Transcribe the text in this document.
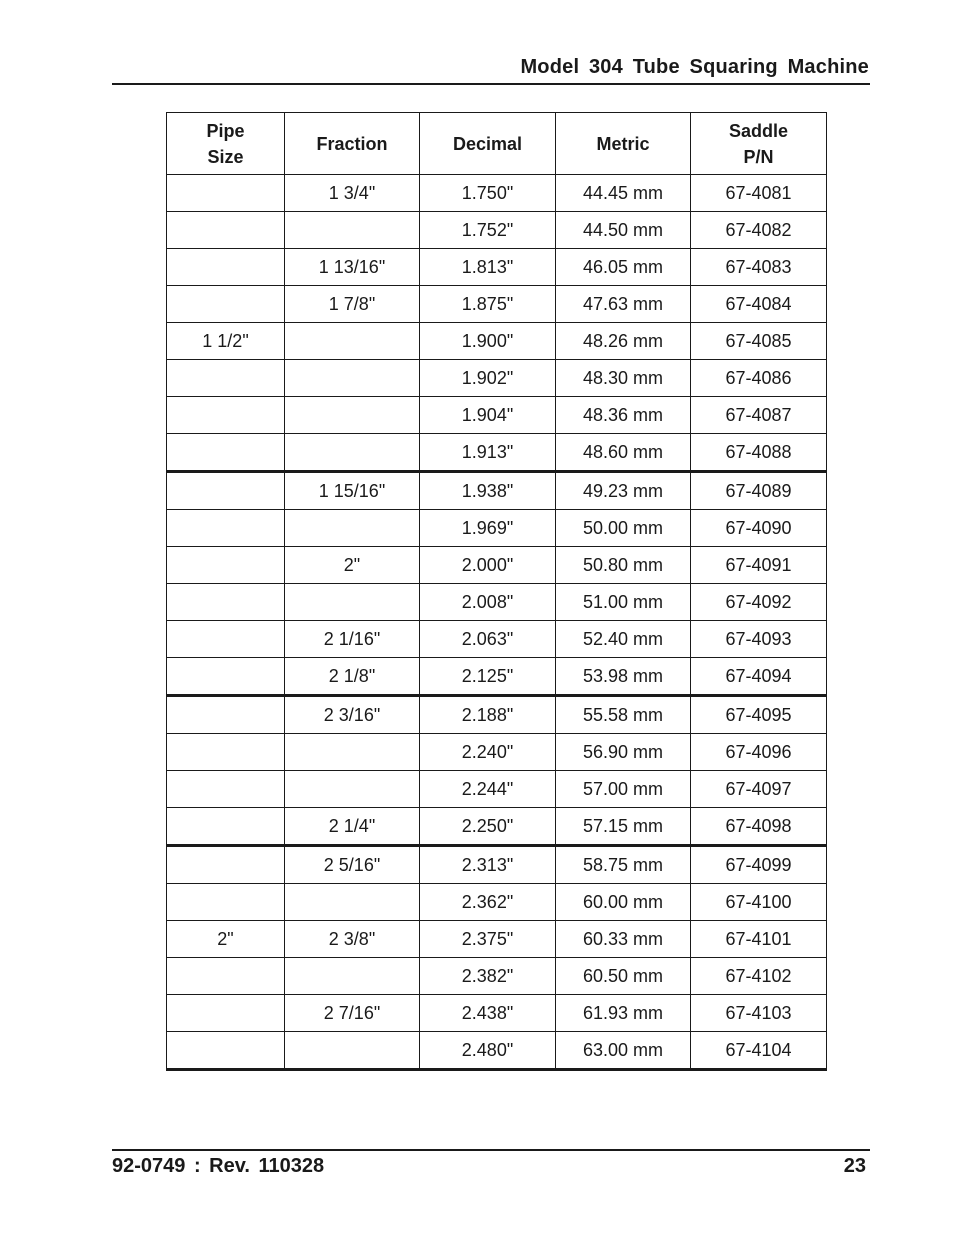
Model 304 Tube Squaring Machine
Pipe
Size	Fraction	Decimal	Metric	Saddle
P/N

	1 3/4"	1.750"	44.45 mm	67-4081
		1.752"	44.50 mm	67-4082
	1 13/16"	1.813"	46.05 mm	67-4083
	1 7/8"	1.875"	47.63 mm	67-4084
1 1/2"		1.900"	48.26 mm	67-4085
		1.902"	48.30 mm	67-4086
		1.904"	48.36 mm	67-4087
		1.913"	48.60 mm	67-4088
	1 15/16"	1.938"	49.23 mm	67-4089
		1.969"	50.00 mm	67-4090
	2"	2.000"	50.80 mm	67-4091
		2.008"	51.00 mm	67-4092
	2 1/16"	2.063"	52.40 mm	67-4093
	2 1/8"	2.125"	53.98 mm	67-4094
	2 3/16"	2.188"	55.58 mm	67-4095
		2.240"	56.90 mm	67-4096
		2.244"	57.00 mm	67-4097
	2 1/4"	2.250"	57.15 mm	67-4098
	2 5/16"	2.313"	58.75 mm	67-4099
		2.362"	60.00 mm	67-4100
2"	2 3/8"	2.375"	60.33 mm	67-4101
		2.382"	60.50 mm	67-4102
	2 7/16"	2.438"	61.93 mm	67-4103
		2.480"	63.00 mm	67-4104
92-0749 : Rev. 110328	23
